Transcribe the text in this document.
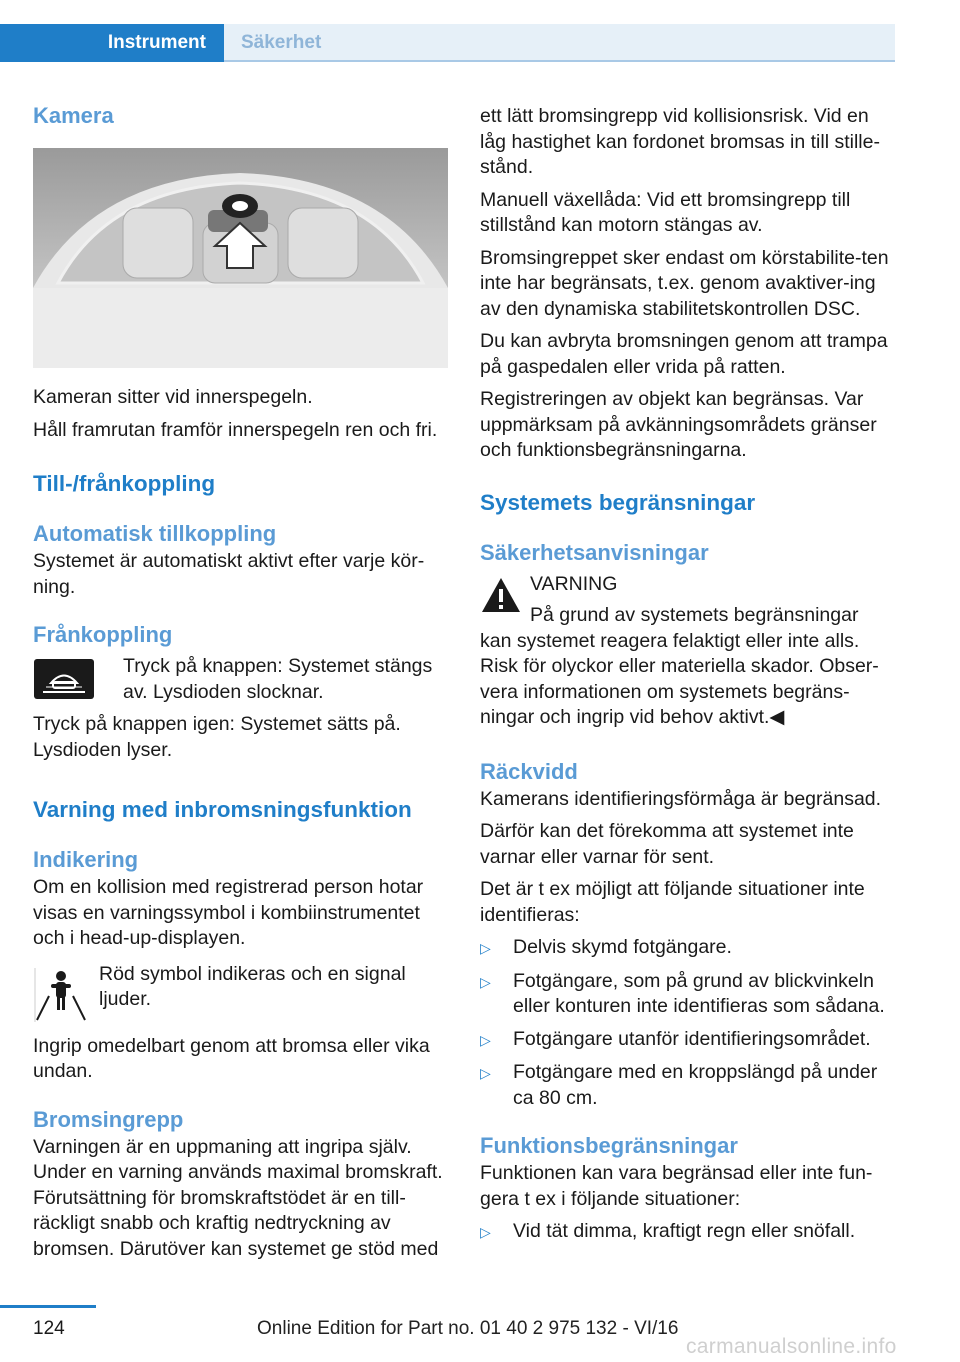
Instrument	Säkerhet
Kamera

Kameran sitter vid innerspegeln.

Håll framrutan framför innerspegeln ren och fri.

Till-/frånkoppling
Automatisk tillkoppling

Systemet är automatiskt aktivt efter varje kör‐ning.

Frånkoppling

Tryck på knappen: Systemet stängs av. Lysdioden slocknar.

Tryck på knappen igen: Systemet sätts på. Lysdioden lyser.

Varning med inbromsningsfunktion
Indikering

Om en kollision med registrerad person hotar visas en varningssymbol i kombiinstrumentet och i head-up-displayen.

Röd symbol indikeras och en signal ljuder.

Ingrip omedelbart genom att bromsa eller vika undan.

Bromsingrepp

Varningen är en uppmaning att ingripa själv. Under en varning används maximal bromskraft. Förutsättning för bromskraftstödet är en till‐räckligt snabb och kraftig nedtryckning av bromsen. Därutöver kan systemet ge stöd med

ett lätt bromsingrepp vid kollisionsrisk. Vid en låg hastighet kan fordonet bromsas in till stille‐stånd.

Manuell växellåda: Vid ett bromsingrepp till stillstånd kan motorn stängas av.

Bromsingreppet sker endast om körstabilite‐ten inte har begränsats, t.ex. genom avaktiver‐ing av den dynamiska stabilitetskontrollen DSC.

Du kan avbryta bromsningen genom att trampa på gaspedalen eller vrida på ratten.

Registreringen av objekt kan begränsas. Var uppmärksam på avkänningsområdets gränser och funktionsbegränsningarna.

Systemets begränsningar
Säkerhetsanvisningar

VARNING

På grund av systemets begränsningar

kan systemet reagera felaktigt eller inte alls. Risk för olyckor eller materiella skador. Obser‐vera informationen om systemets begräns‐ningar och ingrip vid behov aktivt.◀

Räckvidd

Kamerans identifieringsförmåga är begränsad.

Därför kan det förekomma att systemet inte varnar eller varnar för sent.

Det är t ex möjligt att följande situationer inte identifieras:

▷	Delvis skymd fotgängare.
▷	Fotgängare, som på grund av blickvinkeln eller konturen inte identifieras som sådana.
▷	Fotgängare utanför identifieringsområdet.
▷	Fotgängare med en kroppslängd på under ca 80 cm.
Funktionsbegränsningar

Funktionen kan vara begränsad eller inte fun‐gera t ex i följande situationer:

▷	Vid tät dimma, kraftigt regn eller snöfall.
124	Online Edition for Part no. 01 40 2 975 132 - VI/16
carmanualsonline.info
